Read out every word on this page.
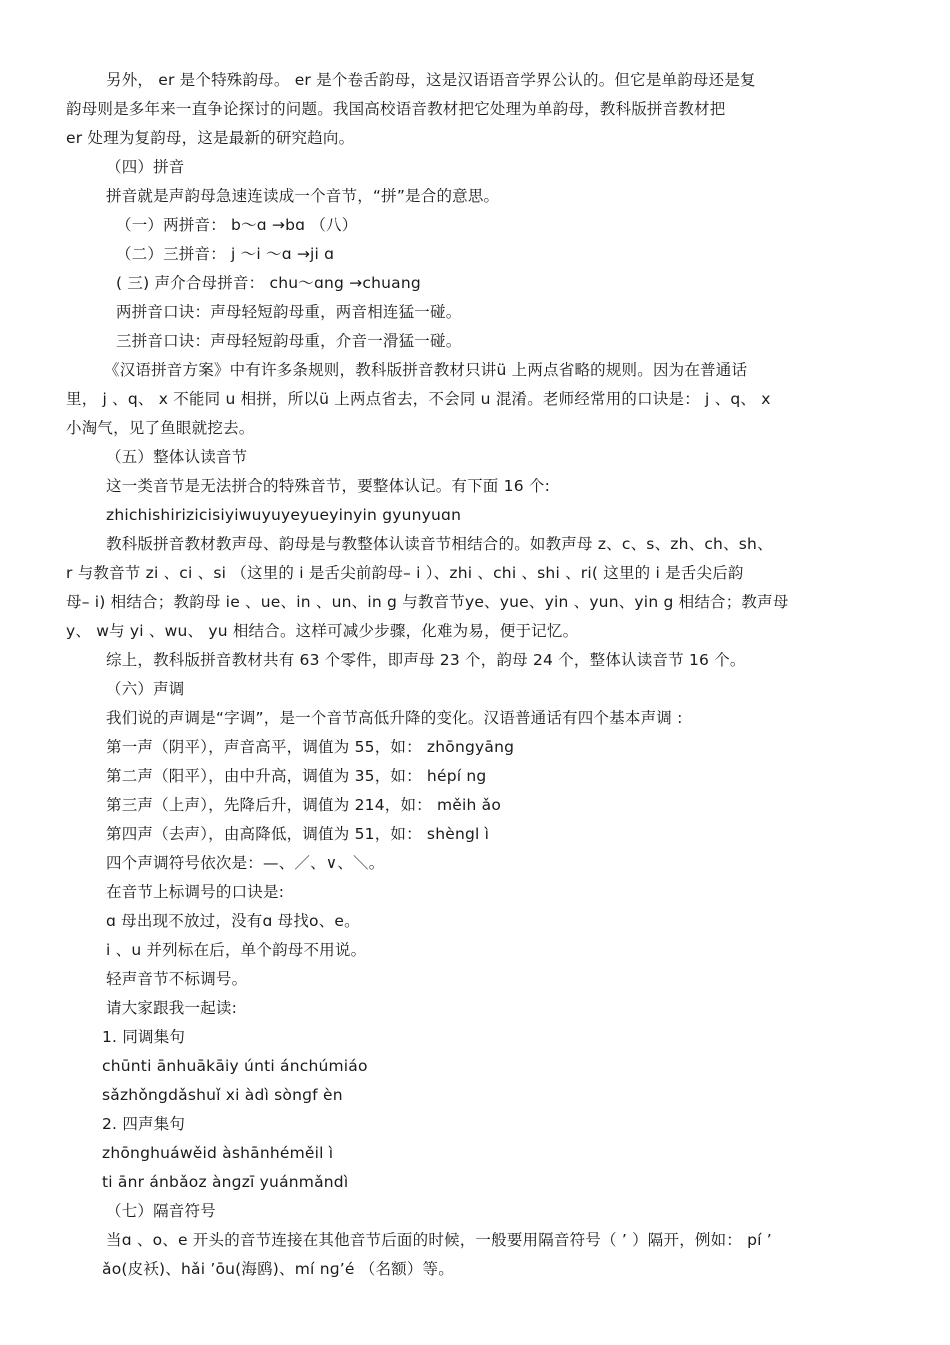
另外， er 是个特殊韵母。 er 是个卷舌韵母，这是汉语语音学界公认的。但它是单韵母还是复
韵母则是多年来一直争论探讨的问题。我国高校语音教材把它处理为单韵母，教科版拼音教材把
er 处理为复韵母，这是最新的研究趋向。
（四）拼音
拼音就是声韵母急速连读成一个音节，“拼”是合的意思。
（一）两拼音： b～ɑ →bɑ （八）
（二）三拼音： j ～i ～ɑ →ji ɑ
( 三) 声介合母拼音： chu～ɑng →chuang
两拼音口诀：声母轻短韵母重，两音相连猛一碰。
三拼音口诀：声母轻短韵母重，介音一滑猛一碰。
《汉语拼音方案》中有许多条规则，教科版拼音教材只讲ü 上两点省略的规则。因为在普通话
里， j 、q、 x 不能同 u 相拼，所以ü 上两点省去，不会同 u 混淆。老师经常用的口诀是： j 、q、 x
小淘气，见了鱼眼就挖去。
（五）整体认读音节
这一类音节是无法拼合的特殊音节，要整体认记。有下面 16 个:
zhichishirizicisiyiwuyuyeyueyinyin gyunyuɑn
教科版拼音教材教声母、韵母是与教整体认读音节相结合的。如教声母 z、c、s、zh、ch、sh、
r 与教音节 zi 、ci 、si （这里的 i 是舌尖前韵母– i ）、zhi 、chi 、shi 、ri( 这里的 i 是舌尖后韵
母– i) 相结合；教韵母 ie 、ue、in 、un、in g 与教音节ye、yue、yin 、yun、yin g 相结合；教声母
y、 w与 yi 、wu、 yu 相结合。这样可减少步骤，化难为易，便于记忆。
综上，教科版拼音教材共有 63 个零件，即声母 23 个，韵母 24 个，整体认读音节 16 个。
（六）声调
我们说的声调是“字调”，是一个音节高低升降的变化。汉语普通话有四个基本声调 :
第一声（阴平），声音高平，调值为 55，如： zhōngyāng
第二声（阳平），由中升高，调值为 35，如： hépí ng
第三声（上声），先降后升，调值为 214，如： měih ǎo
第四声（去声），由高降低，调值为 51，如： shèngl ì
四个声调符号依次是：—、／、∨、＼。
在音节上标调号的口诀是:
ɑ 母出现不放过，没有ɑ 母找o、e。
i 、u 并列标在后，单个韵母不用说。
轻声音节不标调号。
请大家跟我一起读:
1. 同调集句
chūnti ānhuākāiy únti ánchúmiáo
sǎzhǒngdǎshuǐ xi àdì sònɡf èn
2. 四声集句
zhōnghuáwěid àshānhéměil ì
ti ānr ánbǎoz ànɡzī yuánmǎndì
（七）隔音符号
当ɑ 、o、e 开头的音节连接在其他音节后面的时候，一般要用隔音符号（ ’ ）隔开，例如： pí ’
ǎo(皮袄)、hǎi ’ōu(海鸥)、mí nɡ’é （名额）等。
